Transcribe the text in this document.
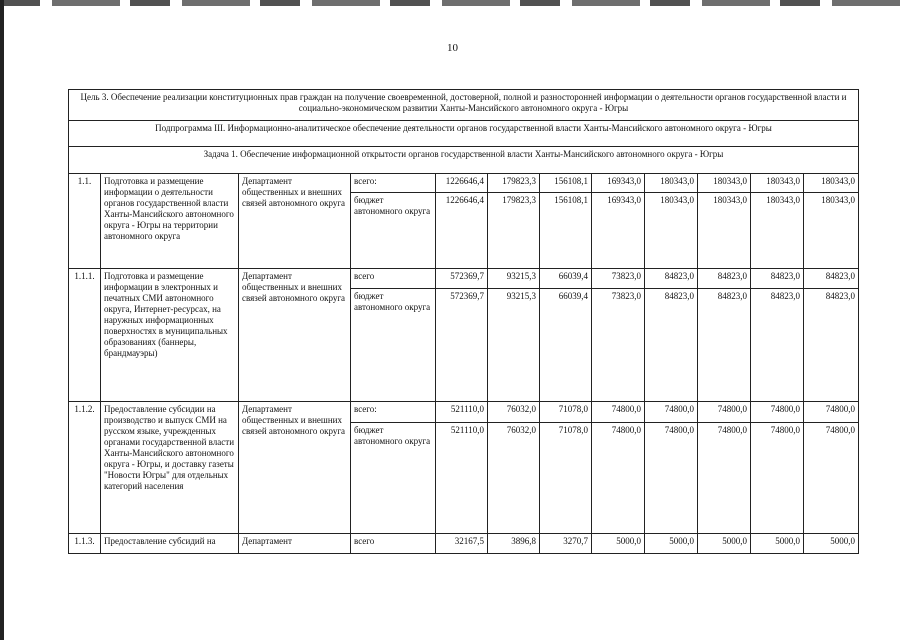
10
Цель 3. Обеспечение реализации конституционных прав граждан на получение своевременной, достоверной, полной и разносторонней информации о деятельности органов государственной власти и социально-экономическом развитии Ханты-Мансийского автономного округа - Югры											
Подпрограмма III. Информационно-аналитическое обеспечение деятельности органов государственной власти Ханты-Мансийского автономного округа - Югры											
Задача 1. Обеспечение информационной открытости органов государственной власти Ханты-Мансийского автономного округа - Югры											
1.1.	Подготовка и размещение информации о деятельности органов государственной власти Ханты-Мансийского автономного округа - Югры на территории автономного округа	Департамент общественных и внешних связей автономного округа	всего:	1226646,4	179823,3	156108,1	169343,0	180343,0	180343,0	180343,0	180343,0
			бюджет автономного округа	1226646,4	179823,3	156108,1	169343,0	180343,0	180343,0	180343,0	180343,0
1.1.1.	Подготовка и размещение информации в электронных и печатных СМИ автономного округа, Интернет-ресурсах, на наружных информационных поверхностях в муниципальных образованиях (баннеры, брандмауэры)	Департамент общественных и внешних связей автономного округа	всего	572369,7	93215,3	66039,4	73823,0	84823,0	84823,0	84823,0	84823,0
			бюджет автономного округа	572369,7	93215,3	66039,4	73823,0	84823,0	84823,0	84823,0	84823,0
1.1.2.	Предоставление субсидии на производство и выпуск СМИ на русском языке, учрежденных органами государственной власти Ханты-Мансийского автономного округа - Югры, и доставку газеты "Новости Югры" для отдельных категорий населения	Департамент общественных и внешних связей автономного округа	всего:	521110,0	76032,0	71078,0	74800,0	74800,0	74800,0	74800,0	74800,0
			бюджет автономного округа	521110,0	76032,0	71078,0	74800,0	74800,0	74800,0	74800,0	74800,0
1.1.3.	Предоставление субсидий на	Департамент	всего	32167,5	3896,8	3270,7	5000,0	5000,0	5000,0	5000,0	5000,0
